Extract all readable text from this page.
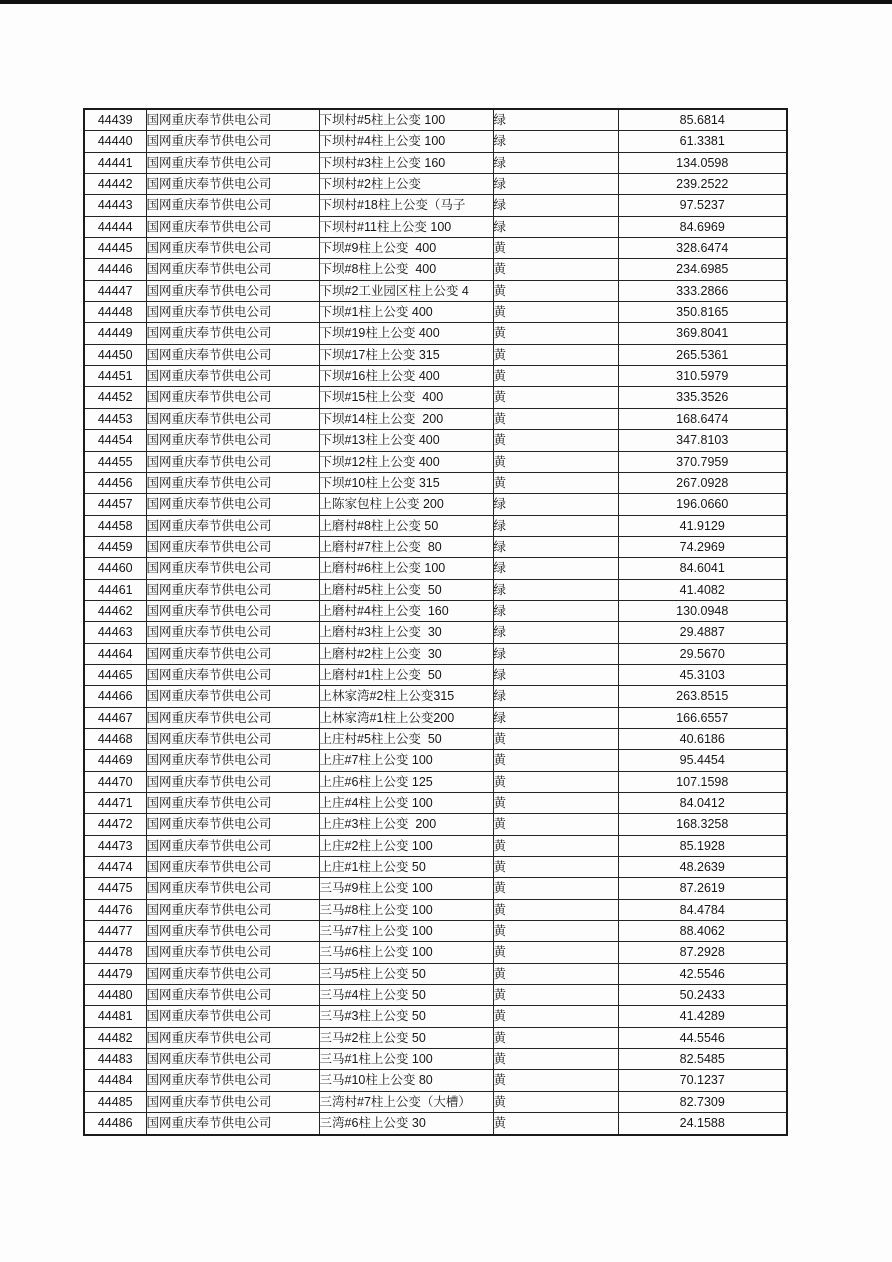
44439	国网重庆奉节供电公司	下坝村#5柱上公变 100	绿	85.6814
44440	国网重庆奉节供电公司	下坝村#4柱上公变 100	绿	61.3381
44441	国网重庆奉节供电公司	下坝村#3柱上公变 160	绿	134.0598
44442	国网重庆奉节供电公司	下坝村#2柱上公变	绿	239.2522
44443	国网重庆奉节供电公司	下坝村#18柱上公变（马子	绿	97.5237
44444	国网重庆奉节供电公司	下坝村#11柱上公变 100	绿	84.6969
44445	国网重庆奉节供电公司	下坝#9柱上公变  400	黄	328.6474
44446	国网重庆奉节供电公司	下坝#8柱上公变  400	黄	234.6985
44447	国网重庆奉节供电公司	下坝#2工业园区柱上公变 4	黄	333.2866
44448	国网重庆奉节供电公司	下坝#1柱上公变 400	黄	350.8165
44449	国网重庆奉节供电公司	下坝#19柱上公变 400	黄	369.8041
44450	国网重庆奉节供电公司	下坝#17柱上公变 315	黄	265.5361
44451	国网重庆奉节供电公司	下坝#16柱上公变 400	黄	310.5979
44452	国网重庆奉节供电公司	下坝#15柱上公变  400	黄	335.3526
44453	国网重庆奉节供电公司	下坝#14柱上公变  200	黄	168.6474
44454	国网重庆奉节供电公司	下坝#13柱上公变 400	黄	347.8103
44455	国网重庆奉节供电公司	下坝#12柱上公变 400	黄	370.7959
44456	国网重庆奉节供电公司	下坝#10柱上公变 315	黄	267.0928
44457	国网重庆奉节供电公司	上陈家包柱上公变 200	绿	196.0660
44458	国网重庆奉节供电公司	上磨村#8柱上公变 50	绿	41.9129
44459	国网重庆奉节供电公司	上磨村#7柱上公变  80	绿	74.2969
44460	国网重庆奉节供电公司	上磨村#6柱上公变 100	绿	84.6041
44461	国网重庆奉节供电公司	上磨村#5柱上公变  50	绿	41.4082
44462	国网重庆奉节供电公司	上磨村#4柱上公变  160	绿	130.0948
44463	国网重庆奉节供电公司	上磨村#3柱上公变  30	绿	29.4887
44464	国网重庆奉节供电公司	上磨村#2柱上公变  30	绿	29.5670
44465	国网重庆奉节供电公司	上磨村#1柱上公变  50	绿	45.3103
44466	国网重庆奉节供电公司	上林家湾#2柱上公变315	绿	263.8515
44467	国网重庆奉节供电公司	上林家湾#1柱上公变200	绿	166.6557
44468	国网重庆奉节供电公司	上庄村#5柱上公变  50	黄	40.6186
44469	国网重庆奉节供电公司	上庄#7柱上公变 100	黄	95.4454
44470	国网重庆奉节供电公司	上庄#6柱上公变 125	黄	107.1598
44471	国网重庆奉节供电公司	上庄#4柱上公变 100	黄	84.0412
44472	国网重庆奉节供电公司	上庄#3柱上公变  200	黄	168.3258
44473	国网重庆奉节供电公司	上庄#2柱上公变 100	黄	85.1928
44474	国网重庆奉节供电公司	上庄#1柱上公变 50	黄	48.2639
44475	国网重庆奉节供电公司	三马#9柱上公变 100	黄	87.2619
44476	国网重庆奉节供电公司	三马#8柱上公变 100	黄	84.4784
44477	国网重庆奉节供电公司	三马#7柱上公变 100	黄	88.4062
44478	国网重庆奉节供电公司	三马#6柱上公变 100	黄	87.2928
44479	国网重庆奉节供电公司	三马#5柱上公变 50	黄	42.5546
44480	国网重庆奉节供电公司	三马#4柱上公变 50	黄	50.2433
44481	国网重庆奉节供电公司	三马#3柱上公变 50	黄	41.4289
44482	国网重庆奉节供电公司	三马#2柱上公变 50	黄	44.5546
44483	国网重庆奉节供电公司	三马#1柱上公变 100	黄	82.5485
44484	国网重庆奉节供电公司	三马#10柱上公变 80	黄	70.1237
44485	国网重庆奉节供电公司	三湾村#7柱上公变（大槽）	黄	82.7309
44486	国网重庆奉节供电公司	三湾#6柱上公变 30	黄	24.1588
